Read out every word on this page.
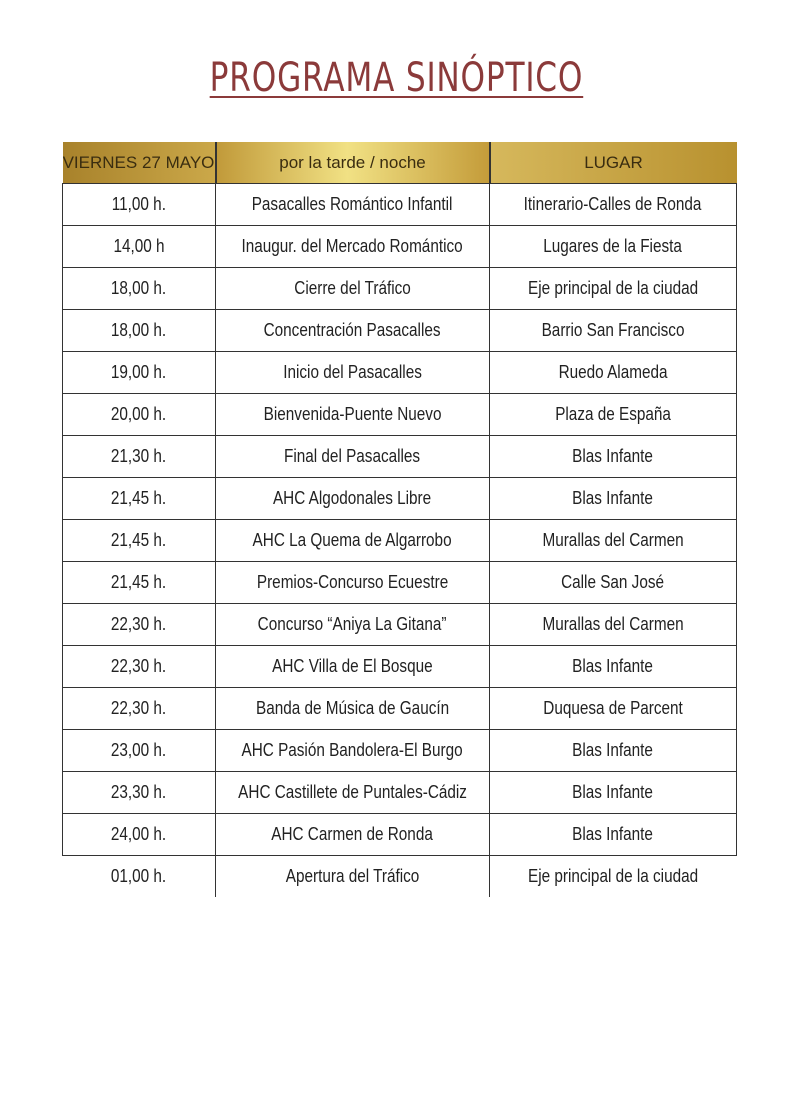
PROGRAMA SINÓPTICO
VIERNES 27 MAYO	por la tarde / noche	LUGAR
11,00 h.	Pasacalles Romántico Infantil	Itinerario-Calles de Ronda
14,00 h	Inaugur. del Mercado Romántico	Lugares de la Fiesta
18,00 h.	Cierre del Tráfico	Eje principal de la ciudad
18,00 h.	Concentración Pasacalles	Barrio San Francisco
19,00 h.	Inicio del Pasacalles	Ruedo Alameda
20,00 h.	Bienvenida-Puente Nuevo	Plaza de España
21,30 h.	Final del Pasacalles	Blas Infante
21,45 h.	AHC Algodonales Libre	Blas Infante
21,45 h.	AHC La Quema de Algarrobo	Murallas del Carmen
21,45 h.	Premios-Concurso Ecuestre	Calle San José
22,30 h.	Concurso “Aniya La Gitana”	Murallas del Carmen
22,30 h.	AHC Villa de El Bosque	Blas Infante
22,30 h.	Banda de Música de Gaucín	Duquesa de Parcent
23,00 h.	AHC Pasión Bandolera-El Burgo	Blas Infante
23,30 h.	AHC Castillete de Puntales-Cádiz	Blas Infante
24,00 h.	AHC Carmen de Ronda	Blas Infante
01,00 h.	Apertura del Tráfico	Eje principal de la ciudad
